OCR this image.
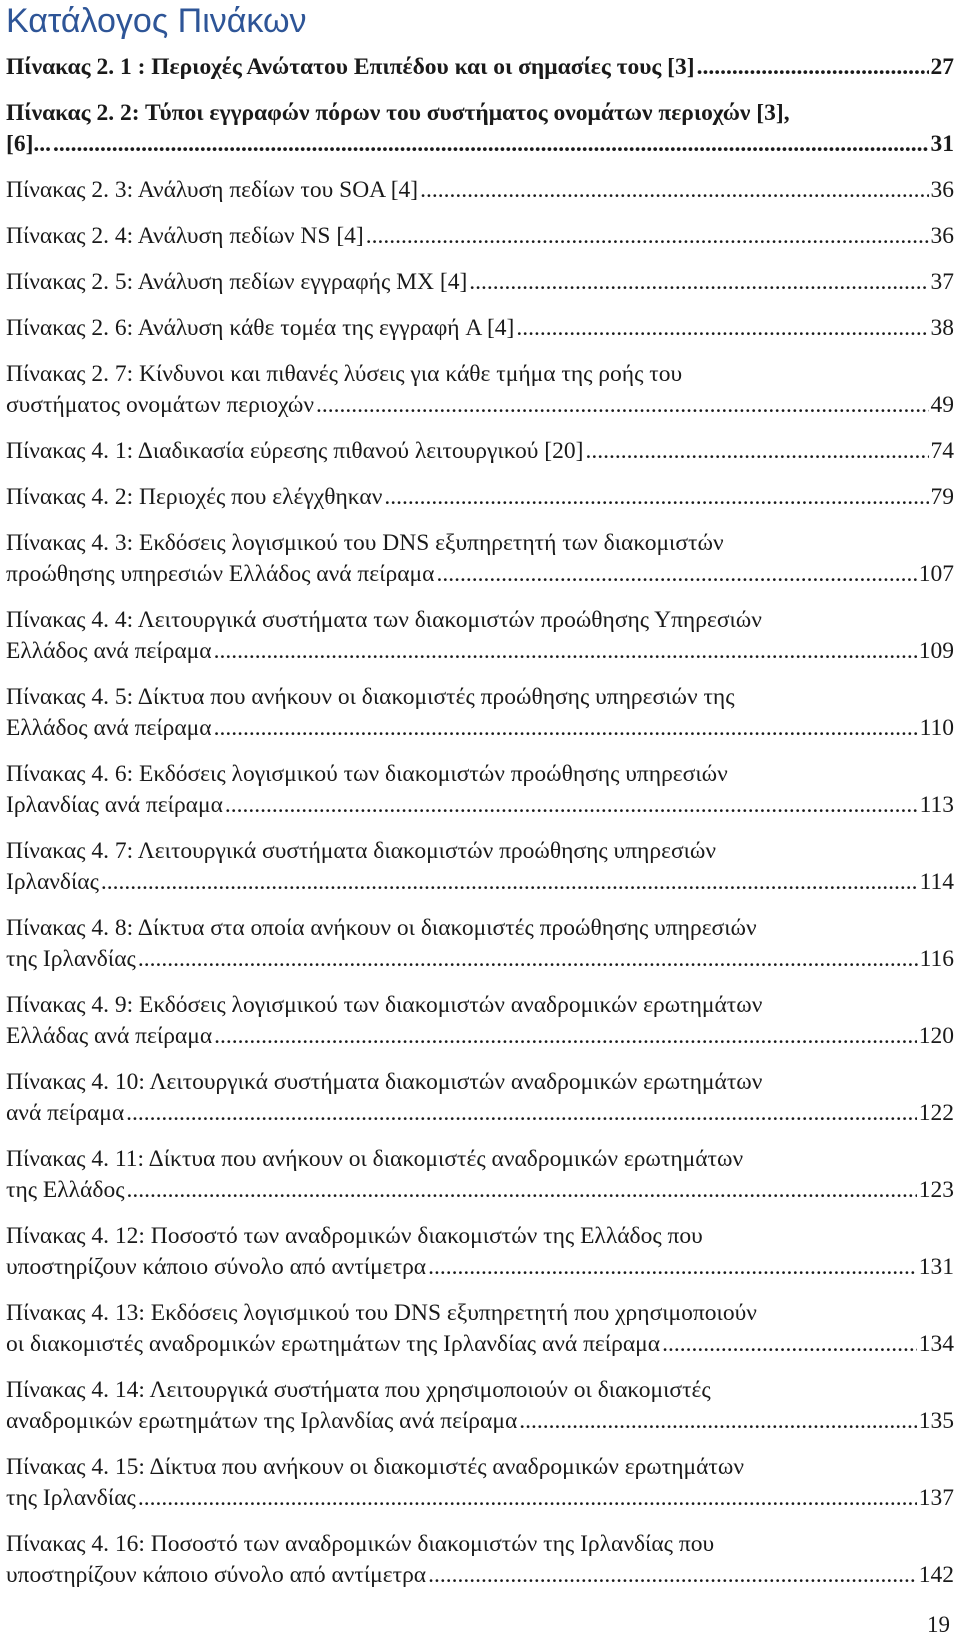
Κατάλογος Πινάκων
Πίνακας 2. 1 : Περιοχές Ανώτατου Επιπέδου και οι σημασίες τους [3] .....	27
Πίνακας 2. 2: Τύποι εγγραφών πόρων του συστήματος ονομάτων περιοχών [3],
[6]... .....	31
Πίνακας 2. 3: Ανάλυση πεδίων του SOA [4] .....	36
Πίνακας 2. 4: Ανάλυση πεδίων NS [4] .....	36
Πίνακας 2. 5: Ανάλυση πεδίων εγγραφής MX [4] .....	37
Πίνακας 2. 6: Ανάλυση κάθε τομέα της εγγραφή A [4] .....	38
Πίνακας 2. 7: Κίνδυνοι και πιθανές λύσεις για κάθε τμήμα της ροής του
συστήματος ονομάτων περιοχών .....	49
Πίνακας 4. 1: Διαδικασία εύρεσης πιθανού λειτουργικού [20] .....	74
Πίνακας 4. 2: Περιοχές που ελέγχθηκαν .....	79
Πίνακας 4. 3: Εκδόσεις λογισμικού του DNS εξυπηρετητή των διακομιστών
προώθησης υπηρεσιών Ελλάδος ανά πείραμα .....	107
Πίνακας 4. 4: Λειτουργικά συστήματα των διακομιστών προώθησης Υπηρεσιών
Ελλάδος ανά πείραμα .....	109
Πίνακας 4. 5: Δίκτυα που ανήκουν οι διακομιστές προώθησης υπηρεσιών της
Ελλάδος ανά πείραμα .....	110
Πίνακας 4. 6: Εκδόσεις λογισμικού των διακομιστών προώθησης υπηρεσιών
Ιρλανδίας ανά πείραμα .....	113
Πίνακας 4. 7: Λειτουργικά συστήματα διακομιστών προώθησης υπηρεσιών
Ιρλανδίας .....	114
Πίνακας 4. 8: Δίκτυα στα οποία ανήκουν οι διακομιστές προώθησης υπηρεσιών
της Ιρλανδίας .....	116
Πίνακας 4. 9: Εκδόσεις λογισμικού των διακομιστών αναδρομικών ερωτημάτων
Ελλάδας ανά πείραμα .....	120
Πίνακας 4. 10: Λειτουργικά συστήματα διακομιστών αναδρομικών ερωτημάτων
ανά πείραμα .....	122
Πίνακας 4. 11: Δίκτυα που ανήκουν οι διακομιστές αναδρομικών ερωτημάτων
της Ελλάδος .....	123
Πίνακας 4. 12: Ποσοστό των αναδρομικών διακομιστών της Ελλάδος που
υποστηρίζουν κάποιο σύνολο από αντίμετρα .....	131
Πίνακας 4. 13: Εκδόσεις λογισμικού του DNS εξυπηρετητή που χρησιμοποιούν
οι διακομιστές αναδρομικών ερωτημάτων της Ιρλανδίας ανά πείραμα .....	134
Πίνακας 4. 14: Λειτουργικά συστήματα που χρησιμοποιούν οι διακομιστές
αναδρομικών ερωτημάτων της Ιρλανδίας ανά πείραμα .....	135
Πίνακας 4. 15: Δίκτυα που ανήκουν οι διακομιστές αναδρομικών ερωτημάτων
της Ιρλανδίας .....	137
Πίνακας 4. 16: Ποσοστό των αναδρομικών διακομιστών της Ιρλανδίας που
υποστηρίζουν κάποιο σύνολο από αντίμετρα .....	142
19
